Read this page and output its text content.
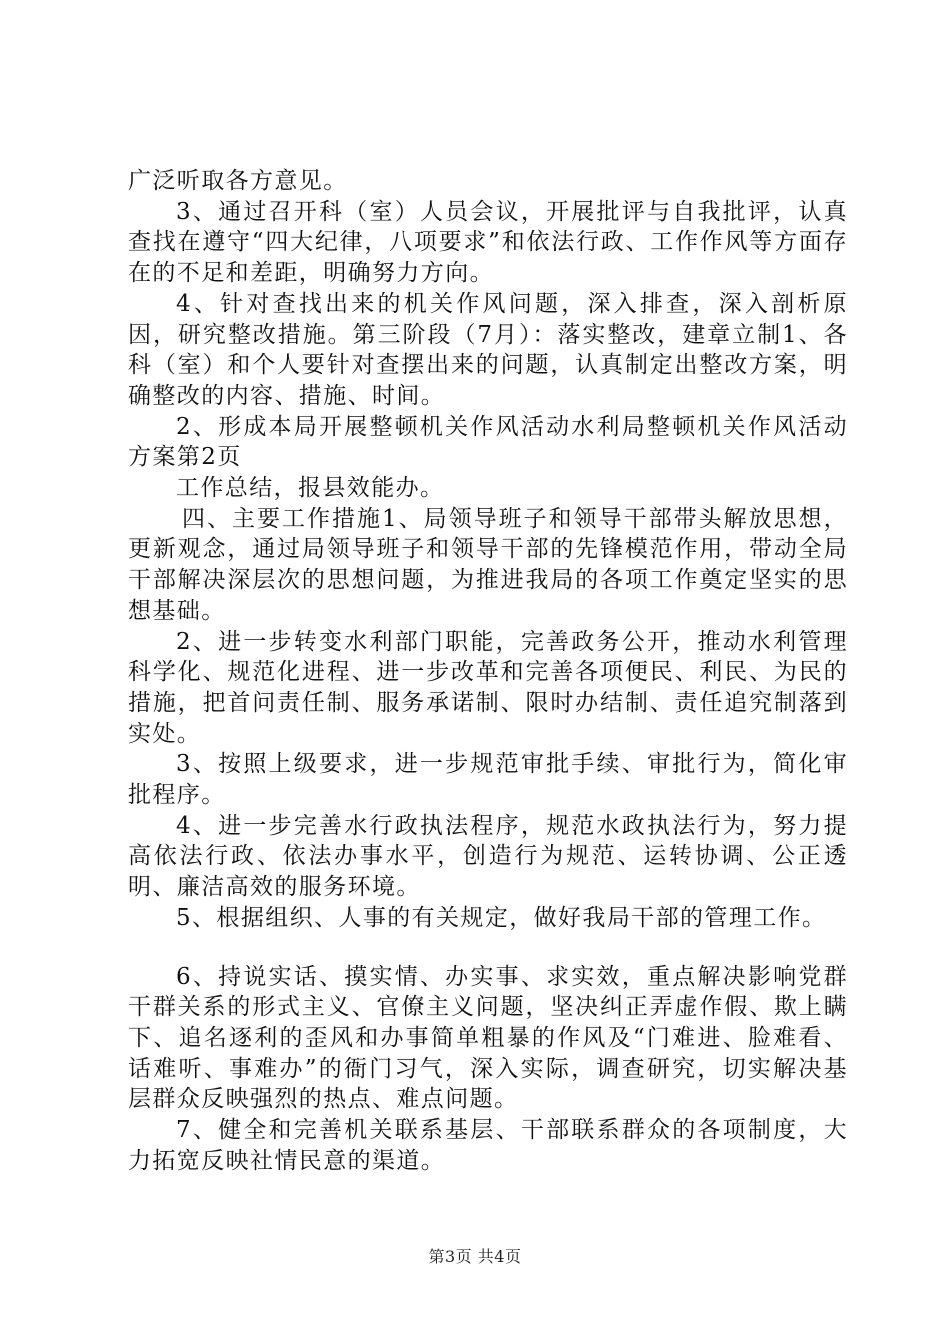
广泛听取各方意见。

3、通过召开科（室）人员会议，开展批评与自我批评，认真查找在遵守“四大纪律，八项要求”和依法行政、工作作风等方面存在的不足和差距，明确努力方向。

4、针对查找出来的机关作风问题，深入排查，深入剖析原因，研究整改措施。第三阶段（7月）：落实整改，建章立制1、各科（室）和个人要针对查摆出来的问题，认真制定出整改方案，明确整改的内容、措施、时间。

2、形成本局开展整顿机关作风活动水利局整顿机关作风活动方案第2页

工作总结，报县效能办。

四、主要工作措施1、局领导班子和领导干部带头解放思想，更新观念，通过局领导班子和领导干部的先锋模范作用，带动全局干部解决深层次的思想问题，为推进我局的各项工作奠定坚实的思想基础。

2、进一步转变水利部门职能，完善政务公开，推动水利管理科学化、规范化进程、进一步改革和完善各项便民、利民、为民的措施，把首问责任制、服务承诺制、限时办结制、责任追究制落到实处。

3、按照上级要求，进一步规范审批手续、审批行为，简化审批程序。

4、进一步完善水行政执法程序，规范水政执法行为，努力提高依法行政、依法办事水平，创造行为规范、运转协调、公正透明、廉洁高效的服务环境。

5、根据组织、人事的有关规定，做好我局干部的管理工作。

6、持说实话、摸实情、办实事、求实效，重点解决影响党群干群关系的形式主义、官僚主义问题，坚决纠正弄虚作假、欺上瞒下、追名逐利的歪风和办事简单粗暴的作风及“门难进、脸难看、话难听、事难办”的衙门习气，深入实际，调查研究，切实解决基层群众反映强烈的热点、难点问题。

7、健全和完善机关联系基层、干部联系群众的各项制度，大力拓宽反映社情民意的渠道。

第3页 共4页
